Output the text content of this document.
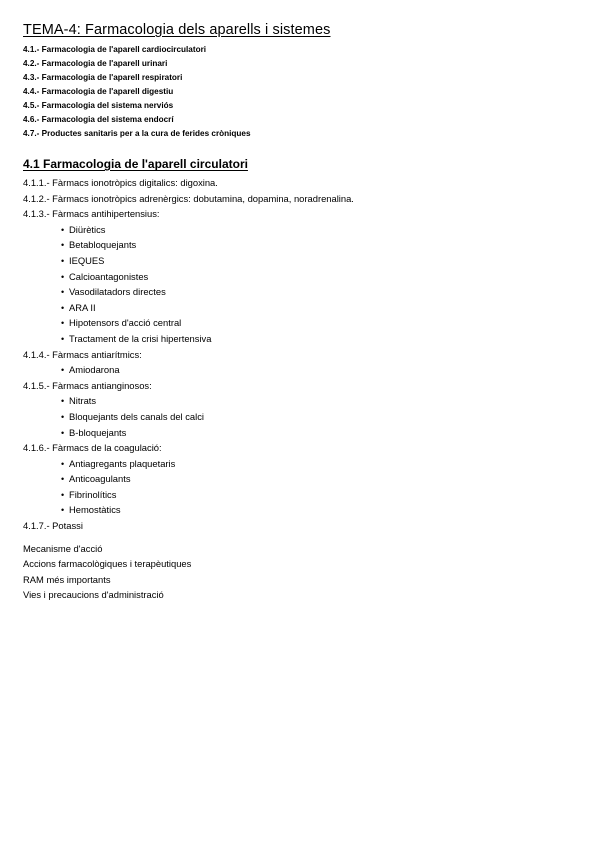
TEMA-4: Farmacologia dels aparells i sistemes
4.1.- Farmacologia de l'aparell cardiocirculatori
4.2.- Farmacologia de l'aparell urinari
4.3.- Farmacologia de l'aparell respiratori
4.4.- Farmacologia de l'aparell digestiu
4.5.- Farmacologia del sistema nerviós
4.6.- Farmacologia del sistema endocrí
4.7.- Productes sanitaris per a la cura de ferides cròniques
4.1 Farmacologia de l'aparell circulatori
4.1.1.- Fàrmacs ionotròpics digitalics: digoxina.
4.1.2.- Fàrmacs ionotròpics adrenèrgics: dobutamina, dopamina, noradrenalina.
4.1.3.- Fàrmacs antihipertensius:
• Diürètics
• Betabloquejants
• IEQUES
• Calcioantagonistes
• Vasodilatadors directes
• ARA II
• Hipotensors d'acció central
• Tractament de la crisi hipertensiva
4.1.4.- Fàrmacs antiarítmics:
• Amiodarona
4.1.5.- Fàrmacs antianginosos:
• Nitrats
• Bloquejants dels canals del calci
• B-bloquejants
4.1.6.- Fàrmacs de la coagulació:
• Antiagregants plaquetaris
• Anticoagulants
• Fibrinolítics
• Hemostàtics
4.1.7.- Potassi
Mecanisme d'acció
Accions farmacològiques i terapèutiques
RAM més importants
Vies i precaucions d'administració
